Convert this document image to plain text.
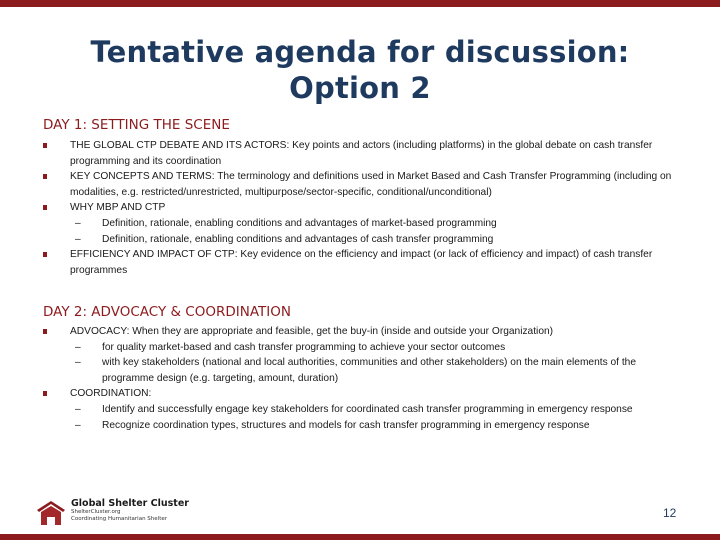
Tentative agenda for discussion:
Option 2
DAY 1: SETTING THE SCENE
THE GLOBAL CTP DEBATE AND ITS ACTORS: Key points and actors (including platforms) in the global debate on cash transfer programming and its coordination
KEY CONCEPTS AND TERMS: The terminology and definitions used in Market Based and Cash Transfer Programming (including on modalities, e.g. restricted/unrestricted, multipurpose/sector-specific, conditional/unconditional)
WHY MBP AND CTP
– Definition, rationale, enabling conditions and advantages of market-based programming
– Definition, rationale, enabling conditions and advantages of cash transfer programming
EFFICIENCY AND IMPACT OF CTP: Key evidence on the efficiency and impact (or lack of efficiency and impact) of cash transfer programmes
DAY 2: ADVOCACY & COORDINATION
ADVOCACY: When they are appropriate and feasible, get the buy-in (inside and outside your Organization)
– for quality market-based and cash transfer programming to achieve your sector outcomes
– with key stakeholders (national and local authorities, communities and other stakeholders) on the main elements of the programme design (e.g. targeting, amount, duration)
COORDINATION:
– Identify and successfully engage key stakeholders for coordinated cash transfer programming in emergency response
– Recognize coordination types, structures and models for cash transfer programming in emergency response
Global Shelter Cluster
ShelterCluster.org
Coordinating Humanitarian Shelter	12
